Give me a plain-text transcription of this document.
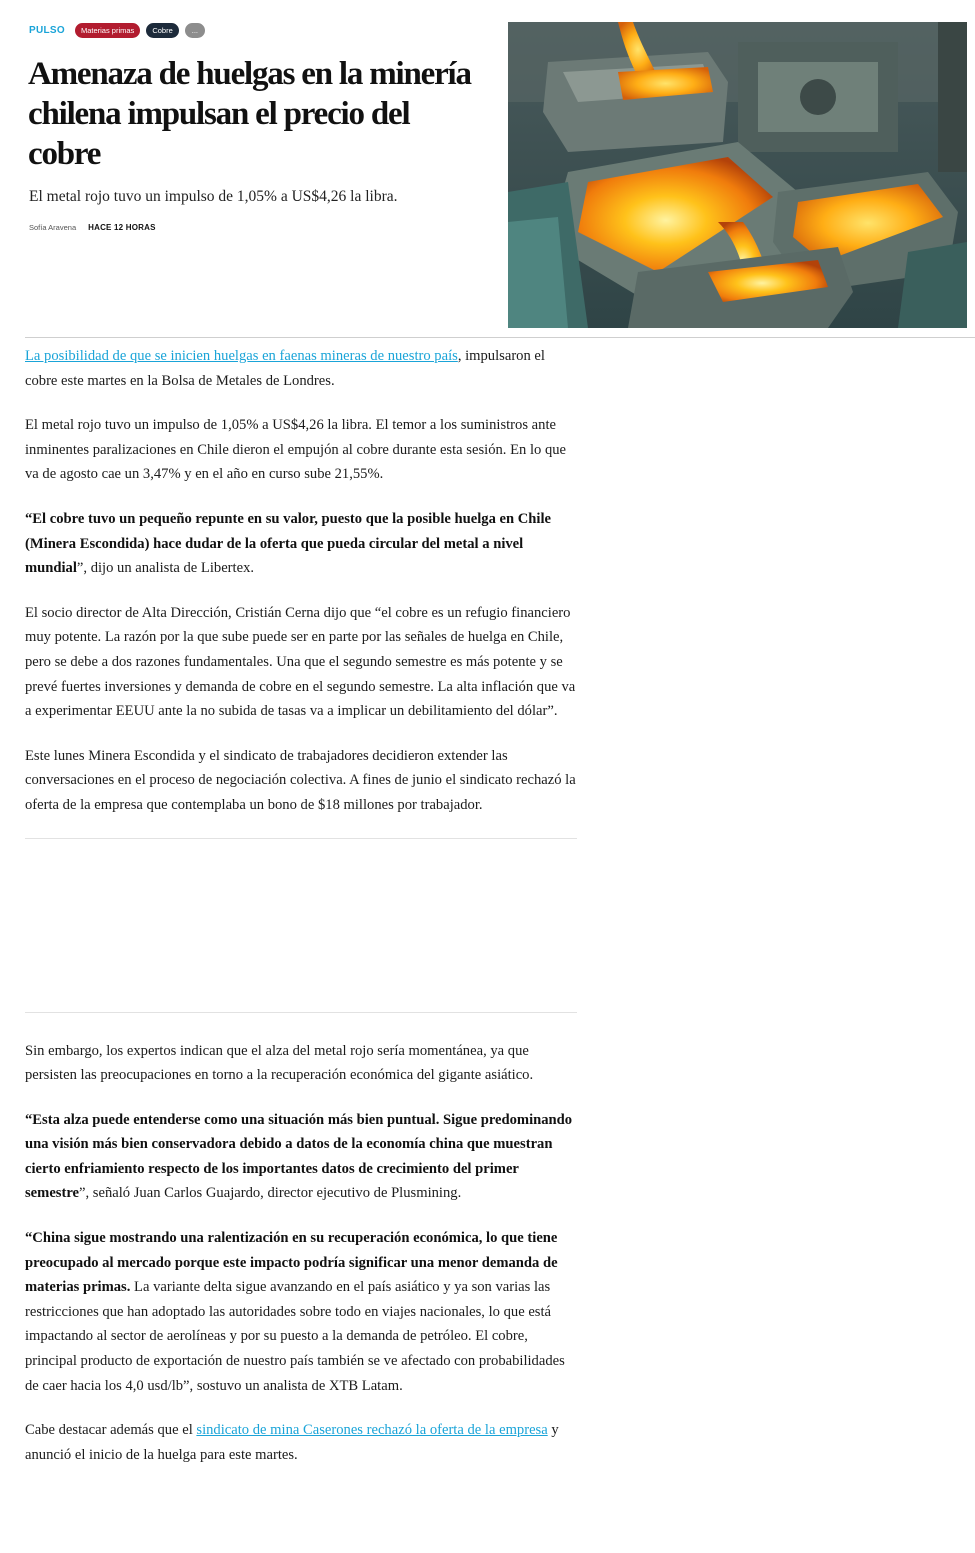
PULSO	Materias primas	Cobre	...
Amenaza de huelgas en la minería chilena impulsan el precio del cobre

El metal rojo tuvo un impulso de 1,05% a US$4,26 la libra.

Sofía Aravena HACE 12 HORAS

La posibilidad de que se inicien huelgas en faenas mineras de nuestro país, impulsaron el cobre este martes en la Bolsa de Metales de Londres.

El metal rojo tuvo un impulso de 1,05% a US$4,26 la libra. El temor a los suministros ante inminentes paralizaciones en Chile dieron el empujón al cobre durante esta sesión. En lo que va de agosto cae un 3,47% y en el año en curso sube 21,55%.

“El cobre tuvo un pequeño repunte en su valor, puesto que la posible huelga en Chile (Minera Escondida) hace dudar de la oferta que pueda circular del metal a nivel mundial”, dijo un analista de Libertex.

El socio director de Alta Dirección, Cristián Cerna dijo que “el cobre es un refugio financiero muy potente. La razón por la que sube puede ser en parte por las señales de huelga en Chile, pero se debe a dos razones fundamentales. Una que el segundo semestre es más potente y se prevé fuertes inversiones y demanda de cobre en el segundo semestre. La alta inflación que va a experimentar EEUU ante la no subida de tasas va a implicar un debilitamiento del dólar”.

Este lunes Minera Escondida y el sindicato de trabajadores decidieron extender las conversaciones en el proceso de negociación colectiva. A fines de junio el sindicato rechazó la oferta de la empresa que contemplaba un bono de $18 millones por trabajador.

Sin embargo, los expertos indican que el alza del metal rojo sería momentánea, ya que persisten las preocupaciones en torno a la recuperación económica del gigante asiático.

“Esta alza puede entenderse como una situación más bien puntual. Sigue predominando una visión más bien conservadora debido a datos de la economía china que muestran cierto enfriamiento respecto de los importantes datos de crecimiento del primer semestre”, señaló Juan Carlos Guajardo, director ejecutivo de Plusmining.

“China sigue mostrando una ralentización en su recuperación económica, lo que tiene preocupado al mercado porque este impacto podría significar una menor demanda de materias primas. La variante delta sigue avanzando en el país asiático y ya son varias las restricciones que han adoptado las autoridades sobre todo en viajes nacionales, lo que está impactando al sector de aerolíneas y por su puesto a la demanda de petróleo. El cobre, principal producto de exportación de nuestro país también se ve afectado con probabilidades de caer hacia los 4,0 usd/lb”, sostuvo un analista de XTB Latam.

Cabe destacar además que el sindicato de mina Caserones rechazó la oferta de la empresa y anunció el inicio de la huelga para este martes.
